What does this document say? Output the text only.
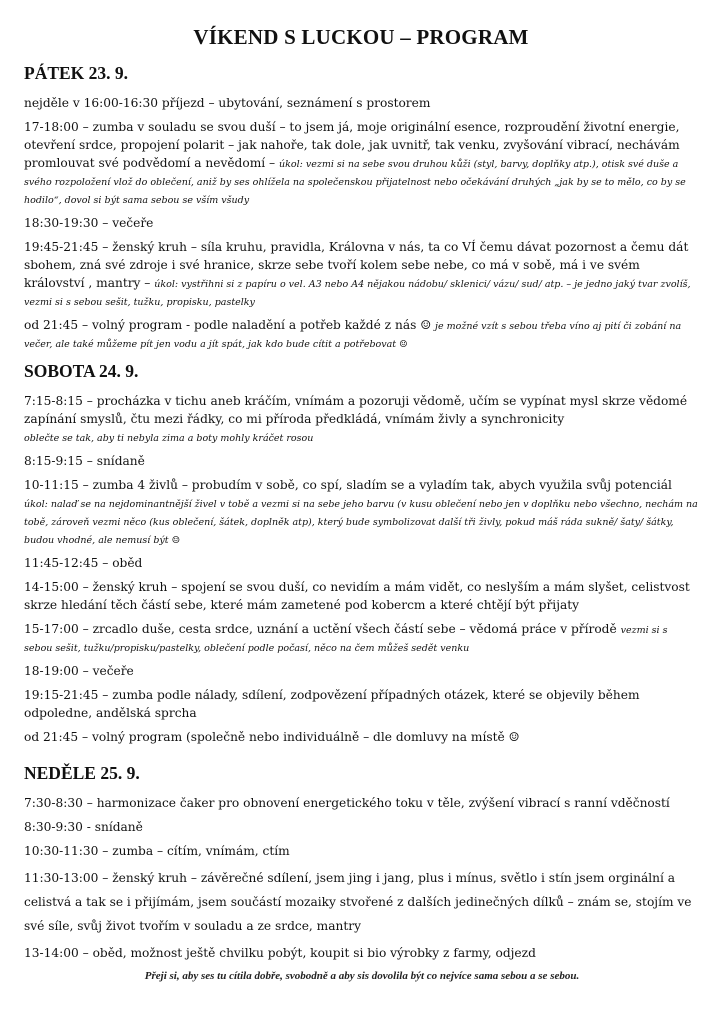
VÍKEND S LUCKOU – PROGRAM
PÁTEK 23. 9.

nejděle v 16:00-16:30 příjezd – ubytování, seznámení s prostorem

17-18:00 – zumba v souladu se svou duší – to jsem já, moje originální esence, rozproudění životní energie, otevření srdce, propojení polarit – jak nahoře, tak dole, jak uvnitř, tak venku, zvyšování vibrací, nechávám promlouvat své podvědomí a nevědomí – úkol: vezmi si na sebe svou druhou kůži (styl, barvy, doplňky atp.), otisk své duše a svého rozpoložení vlož do oblečení, aniž by ses ohlížela na společenskou přijatelnost nebo očekávání druhých „jak by se to mělo, co by se hodilo“, dovol si být sama sebou se vším všudy

18:30-19:30 – večeře

19:45-21:45 – ženský kruh – síla kruhu, pravidla, Královna v nás, ta co VÍ čemu dávat pozornost a čemu dát sbohem, zná své zdroje i své hranice, skrze sebe tvoří kolem sebe nebe, co má v sobě, má i ve svém království , mantry – úkol: vystřihni si z papíru o vel. A3 nebo A4 nějakou nádobu/ sklenici/ vázu/ sud/ atp. – je jedno jaký tvar zvolíš, vezmi si s sebou sešit, tužku, propisku, pastelky

od 21:45 – volný program - podle naladění a potřeb každé z nás ☺ je možné vzít s sebou třeba víno aj pití či zobání na večer, ale také můžeme pít jen vodu a jít spát, jak kdo bude cítit a potřebovat ☺

SOBOTA 24. 9.

7:15-8:15 – procházka v tichu aneb kráčím, vnímám a pozoruji vědomě, učím se vypínat mysl skrze vědomé zapínání smyslů, čtu mezi řádky, co mi příroda předkládá, vnímám živly a synchronicity
oblečte se tak, aby ti nebyla zima a boty mohly kráčet rosou

8:15-9:15 – snídaně

10-11:15 – zumba 4 živlů – probudím v sobě, co spí, sladím se a vyladím tak, abych využila svůj potenciál úkol: nalaď se na nejdominantnější živel v tobě a vezmi si na sebe jeho barvu (v kusu oblečení nebo jen v doplňku nebo všechno, nechám na tobě, zároveň vezmi něco (kus oblečení, šátek, doplněk atp), který bude symbolizovat další tři živly, pokud máš ráda sukně/ šaty/ šátky, budou vhodné, ale nemusí být ☺

11:45-12:45 – oběd

14-15:00 – ženský kruh – spojení se svou duší, co nevidím a mám vidět, co neslyším a mám slyšet, celistvost skrze hledání těch částí sebe, které mám zametené pod kobercm a které chtějí být přijaty

15-17:00 – zrcadlo duše, cesta srdce, uznání a uctění všech částí sebe – vědomá práce v přírodě vezmi si s sebou sešit, tužku/propisku/pastelky, oblečení podle počasí, něco na čem můžeš sedět venku

18-19:00 – večeře

19:15-21:45 – zumba podle nálady, sdílení, zodpovězení případných otázek, které se objevily během odpoledne, andělská sprcha

od 21:45 – volný program (společně nebo individuálně – dle domluvy na místě ☺

NEDĚLE 25. 9.

7:30-8:30 – harmonizace čaker pro obnovení energetického toku v těle, zvýšení vibrací s ranní vděčností

8:30-9:30 - snídaně

10:30-11:30 – zumba – cítím, vnímám, ctím

11:30-13:00 – ženský kruh – závěrečné sdílení, jsem jing i jang, plus i mínus, světlo i stín jsem orginální a celistvá a tak se i přijímám, jsem součástí mozaiky stvořené z dalších jedinečných dílků – znám se, stojím ve své síle, svůj život tvořím v souladu a ze srdce, mantry

13-14:00 – oběd, možnost ještě chvilku pobýt, koupit si bio výrobky z farmy, odjezd

Přeji si, aby ses tu cítila dobře, svobodně a aby sis dovolila být co nejvíce sama sebou a se sebou.
